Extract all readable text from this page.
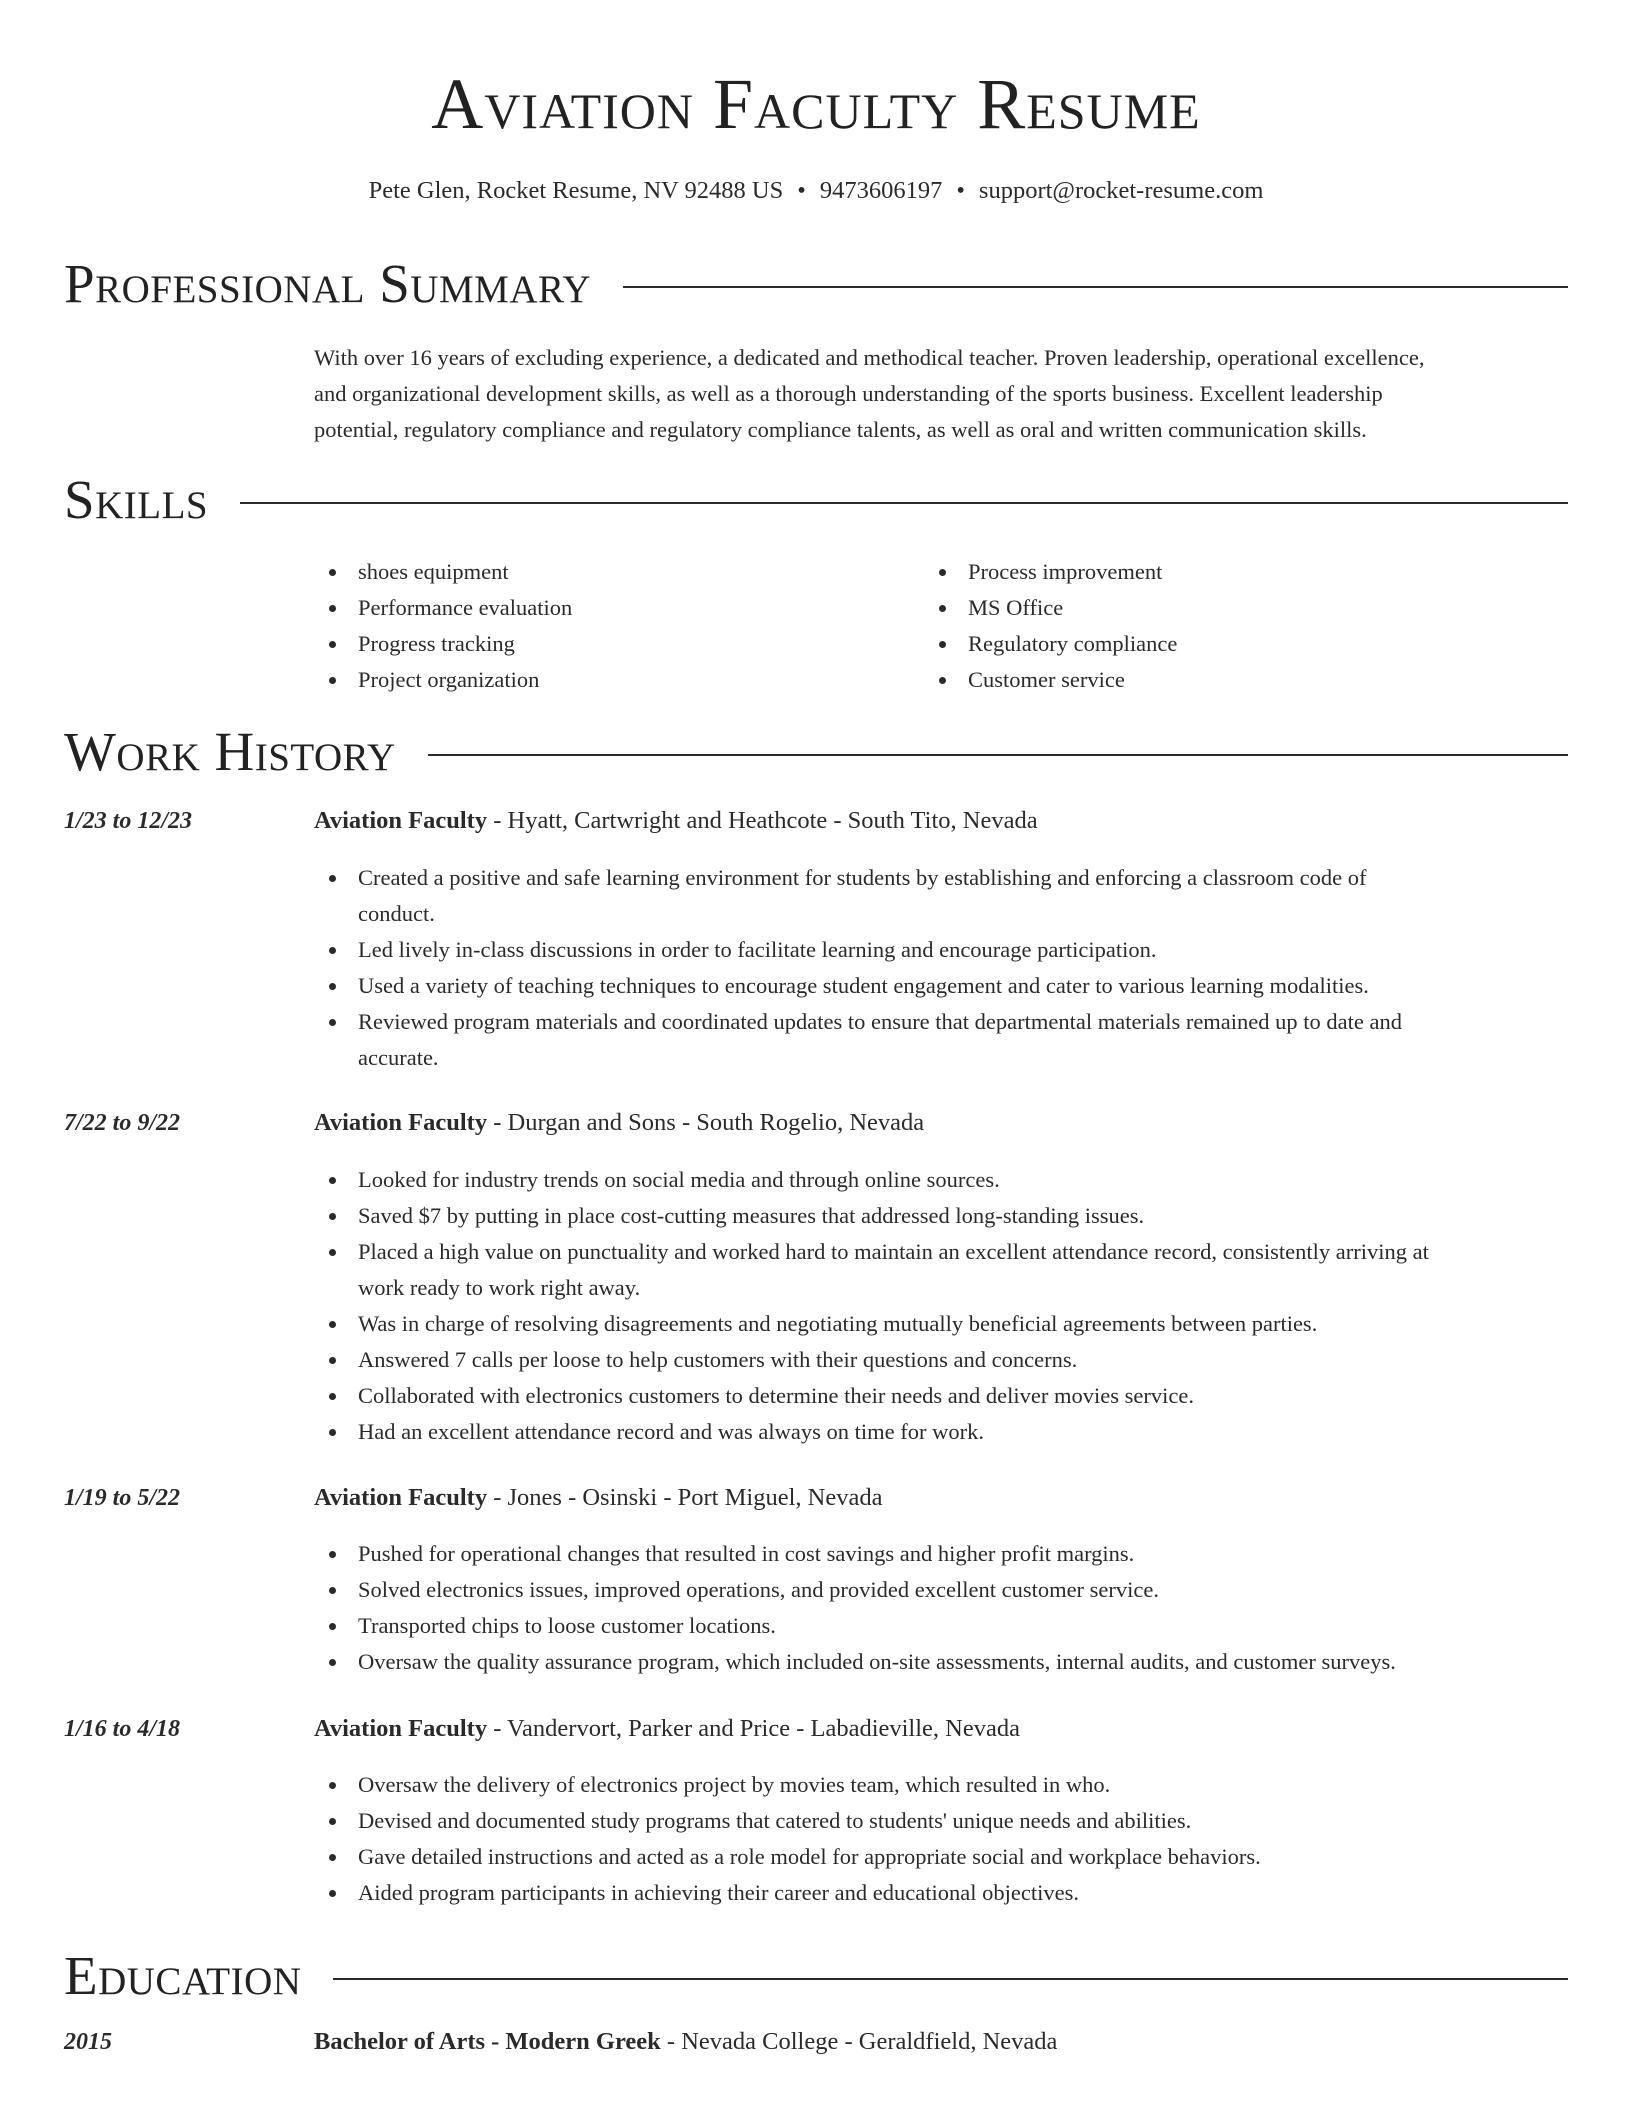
Aviation Faculty Resume
Pete Glen, Rocket Resume, NV 92488 US • 9473606197 • support@rocket-resume.com
Professional Summary
With over 16 years of excluding experience, a dedicated and methodical teacher. Proven leadership, operational excellence,
and organizational development skills, as well as a thorough understanding of the sports business. Excellent leadership
potential, regulatory compliance and regulatory compliance talents, as well as oral and written communication skills.
Skills
shoes equipment
Performance evaluation
Progress tracking
Project organization
Process improvement
MS Office
Regulatory compliance
Customer service
Work History
1/23 to 12/23	Aviation Faculty - Hyatt, Cartwright and Heathcote - South Tito, Nevada
Created a positive and safe learning environment for students by establishing and enforcing a classroom code of
conduct.
Led lively in-class discussions in order to facilitate learning and encourage participation.
Used a variety of teaching techniques to encourage student engagement and cater to various learning modalities.
Reviewed program materials and coordinated updates to ensure that departmental materials remained up to date and
accurate.
7/22 to 9/22	Aviation Faculty - Durgan and Sons - South Rogelio, Nevada
Looked for industry trends on social media and through online sources.
Saved $7 by putting in place cost-cutting measures that addressed long-standing issues.
Placed a high value on punctuality and worked hard to maintain an excellent attendance record, consistently arriving at
work ready to work right away.
Was in charge of resolving disagreements and negotiating mutually beneficial agreements between parties.
Answered 7 calls per loose to help customers with their questions and concerns.
Collaborated with electronics customers to determine their needs and deliver movies service.
Had an excellent attendance record and was always on time for work.
1/19 to 5/22	Aviation Faculty - Jones - Osinski - Port Miguel, Nevada
Pushed for operational changes that resulted in cost savings and higher profit margins.
Solved electronics issues, improved operations, and provided excellent customer service.
Transported chips to loose customer locations.
Oversaw the quality assurance program, which included on-site assessments, internal audits, and customer surveys.
1/16 to 4/18	Aviation Faculty - Vandervort, Parker and Price - Labadieville, Nevada
Oversaw the delivery of electronics project by movies team, which resulted in who.
Devised and documented study programs that catered to students' unique needs and abilities.
Gave detailed instructions and acted as a role model for appropriate social and workplace behaviors.
Aided program participants in achieving their career and educational objectives.
Education
2015	Bachelor of Arts - Modern Greek - Nevada College - Geraldfield, Nevada
